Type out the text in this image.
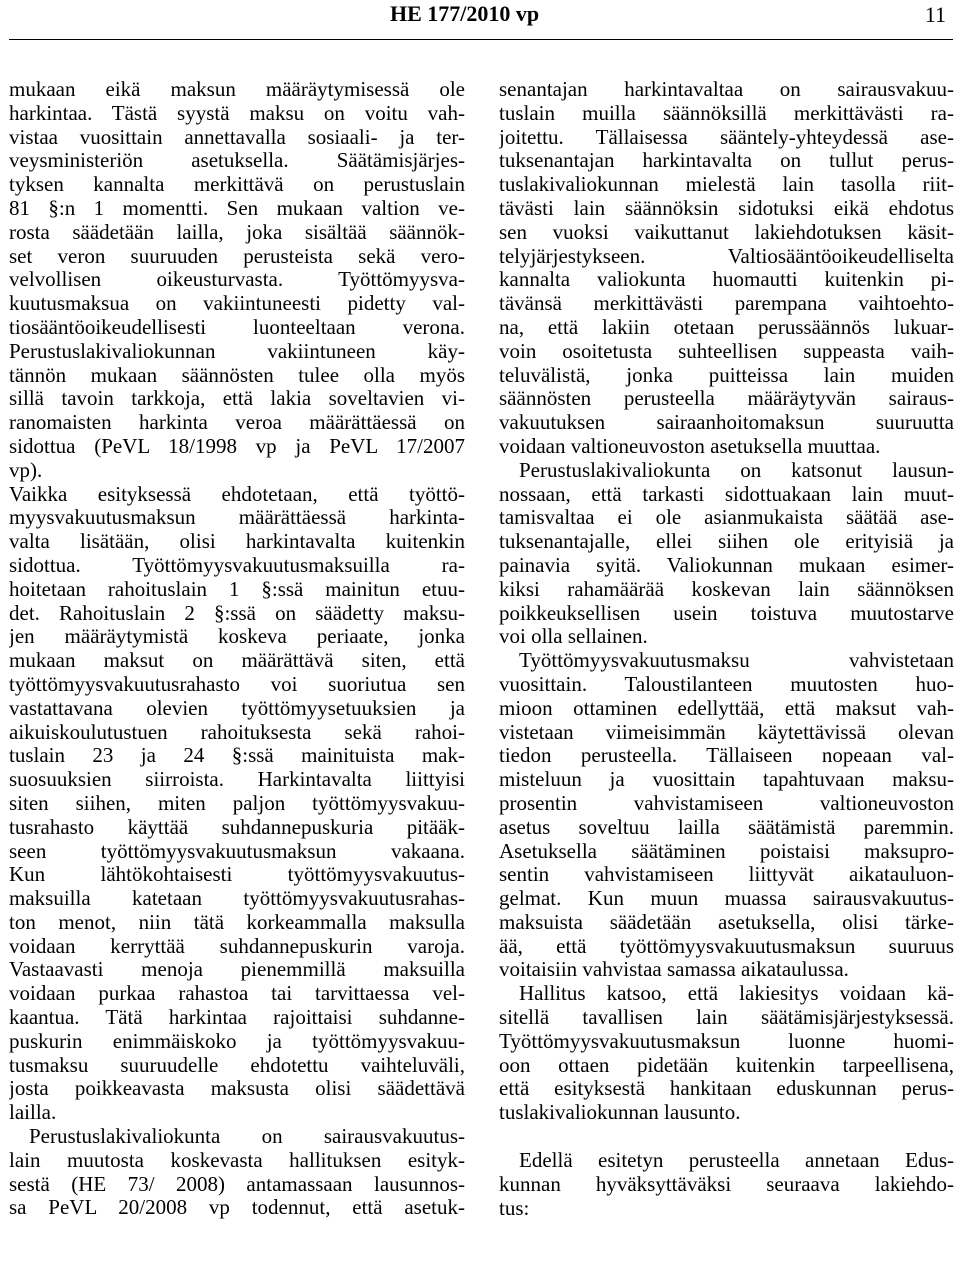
HE 177/2010 vp	11
mukaan eikä maksun määräytymisessä ole
harkintaa. Tästä syystä maksu on voitu vah-
vistaa vuosittain annettavalla sosiaali- ja ter-
veysministeriön asetuksella. Säätämisjärjes-
tyksen kannalta merkittävä on perustuslain
81 §:n 1 momentti. Sen mukaan valtion ve-
rosta säädetään lailla, joka sisältää säännök-
set veron suuruuden perusteista sekä vero-
velvollisen oikeusturvasta. Työttömyysva-
kuutusmaksua on vakiintuneesti pidetty val-
tiosääntöoikeudellisesti luonteeltaan verona.
Perustuslakivaliokunnan vakiintuneen käy-
tännön mukaan säännösten tulee olla myös
sillä tavoin tarkkoja, että lakia soveltavien vi-
ranomaisten harkinta veroa määrättäessä on
sidottua (PeVL 18/1998 vp ja PeVL 17/2007
vp).
Vaikka esityksessä ehdotetaan, että työttö-
myysvakuutusmaksun määrättäessä harkinta-
valta lisätään, olisi harkintavalta kuitenkin
sidottua. Työttömyysvakuutusmaksuilla ra-
hoitetaan rahoituslain 1 §:ssä mainitun etuu-
det. Rahoituslain 2 §:ssä on säädetty maksu-
jen määräytymistä koskeva periaate, jonka
mukaan maksut on määrättävä siten, että
työttömyysvakuutusrahasto voi suoriutua sen
vastattavana olevien työttömyysetuuksien ja
aikuiskoulutustuen rahoituksesta sekä rahoi-
tuslain 23 ja 24 §:ssä mainituista mak-
suosuuksien siirroista. Harkintavalta liittyisi
siten siihen, miten paljon työttömyysvakuu-
tusrahasto käyttää suhdannepuskuria pitääk-
seen työttömyysvakuutusmaksun vakaana.
Kun lähtökohtaisesti työttömyysvakuutus-
maksuilla katetaan työttömyysvakuutusrahas-
ton menot, niin tätä korkeammalla maksulla
voidaan kerryttää suhdannepuskurin varoja.
Vastaavasti menoja pienemmillä maksuilla
voidaan purkaa rahastoa tai tarvittaessa vel-
kaantua. Tätä harkintaa rajoittaisi suhdanne-
puskurin enimmäiskoko ja työttömyysvakuu-
tusmaksu suuruudelle ehdotettu vaihteluväli,
josta poikkeavasta maksusta olisi säädettävä
lailla.
Perustuslakivaliokunta on sairausvakuutus-
lain muutosta koskevasta hallituksen esityk-
sestä (HE 73/ 2008) antamassaan lausunnos-
sa PeVL 20/2008 vp todennut, että asetuk-
senantajan harkintavaltaa on sairausvakuu-
tuslain muilla säännöksillä merkittävästi ra-
joitettu. Tällaisessa sääntely-yhteydessä ase-
tuksenantajan harkintavalta on tullut perus-
tuslakivaliokunnan mielestä lain tasolla riit-
tävästi lain säännöksin sidotuksi eikä ehdotus
sen vuoksi vaikuttanut lakiehdotuksen käsit-
telyjärjestykseen. Valtiosääntöoikeudelliselta
kannalta valiokunta huomautti kuitenkin pi-
tävänsä merkittävästi parempana vaihtoehto-
na, että lakiin otetaan perussäännös lukuar-
voin osoitetusta suhteellisen suppeasta vaih-
teluvälistä, jonka puitteissa lain muiden
säännösten perusteella määräytyvän sairaus-
vakuutuksen sairaanhoitomaksun suuruutta
voidaan valtioneuvoston asetuksella muuttaa.
Perustuslakivaliokunta on katsonut lausun-
nossaan, että tarkasti sidottuakaan lain muut-
tamisvaltaa ei ole asianmukaista säätää ase-
tuksenantajalle, ellei siihen ole erityisiä ja
painavia syitä. Valiokunnan mukaan esimer-
kiksi rahamäärää koskevan lain säännöksen
poikkeuksellisen usein toistuva muutostarve
voi olla sellainen.
Työttömyysvakuutusmaksu vahvistetaan
vuosittain. Taloustilanteen muutosten huo-
mioon ottaminen edellyttää, että maksut vah-
vistetaan viimeisimmän käytettävissä olevan
tiedon perusteella. Tällaiseen nopeaan val-
misteluun ja vuosittain tapahtuvaan maksu-
prosentin vahvistamiseen valtioneuvoston
asetus soveltuu lailla säätämistä paremmin.
Asetuksella säätäminen poistaisi maksupro-
sentin vahvistamiseen liittyvät aikatauluon-
gelmat. Kun muun muassa sairausvakuutus-
maksuista säädetään asetuksella, olisi tärke-
ää, että työttömyysvakuutusmaksun suuruus
voitaisiin vahvistaa samassa aikataulussa.
Hallitus katsoo, että lakiesitys voidaan kä-
sitellä tavallisen lain säätämisjärjestyksessä.
Työttömyysvakuutusmaksun luonne huomi-
oon ottaen pidetään kuitenkin tarpeellisena,
että esityksestä hankitaan eduskunnan perus-
tuslakivaliokunnan lausunto.
Edellä esitetyn perusteella annetaan Edus-
kunnan hyväksyttäväksi seuraava lakiehdo-
tus:
